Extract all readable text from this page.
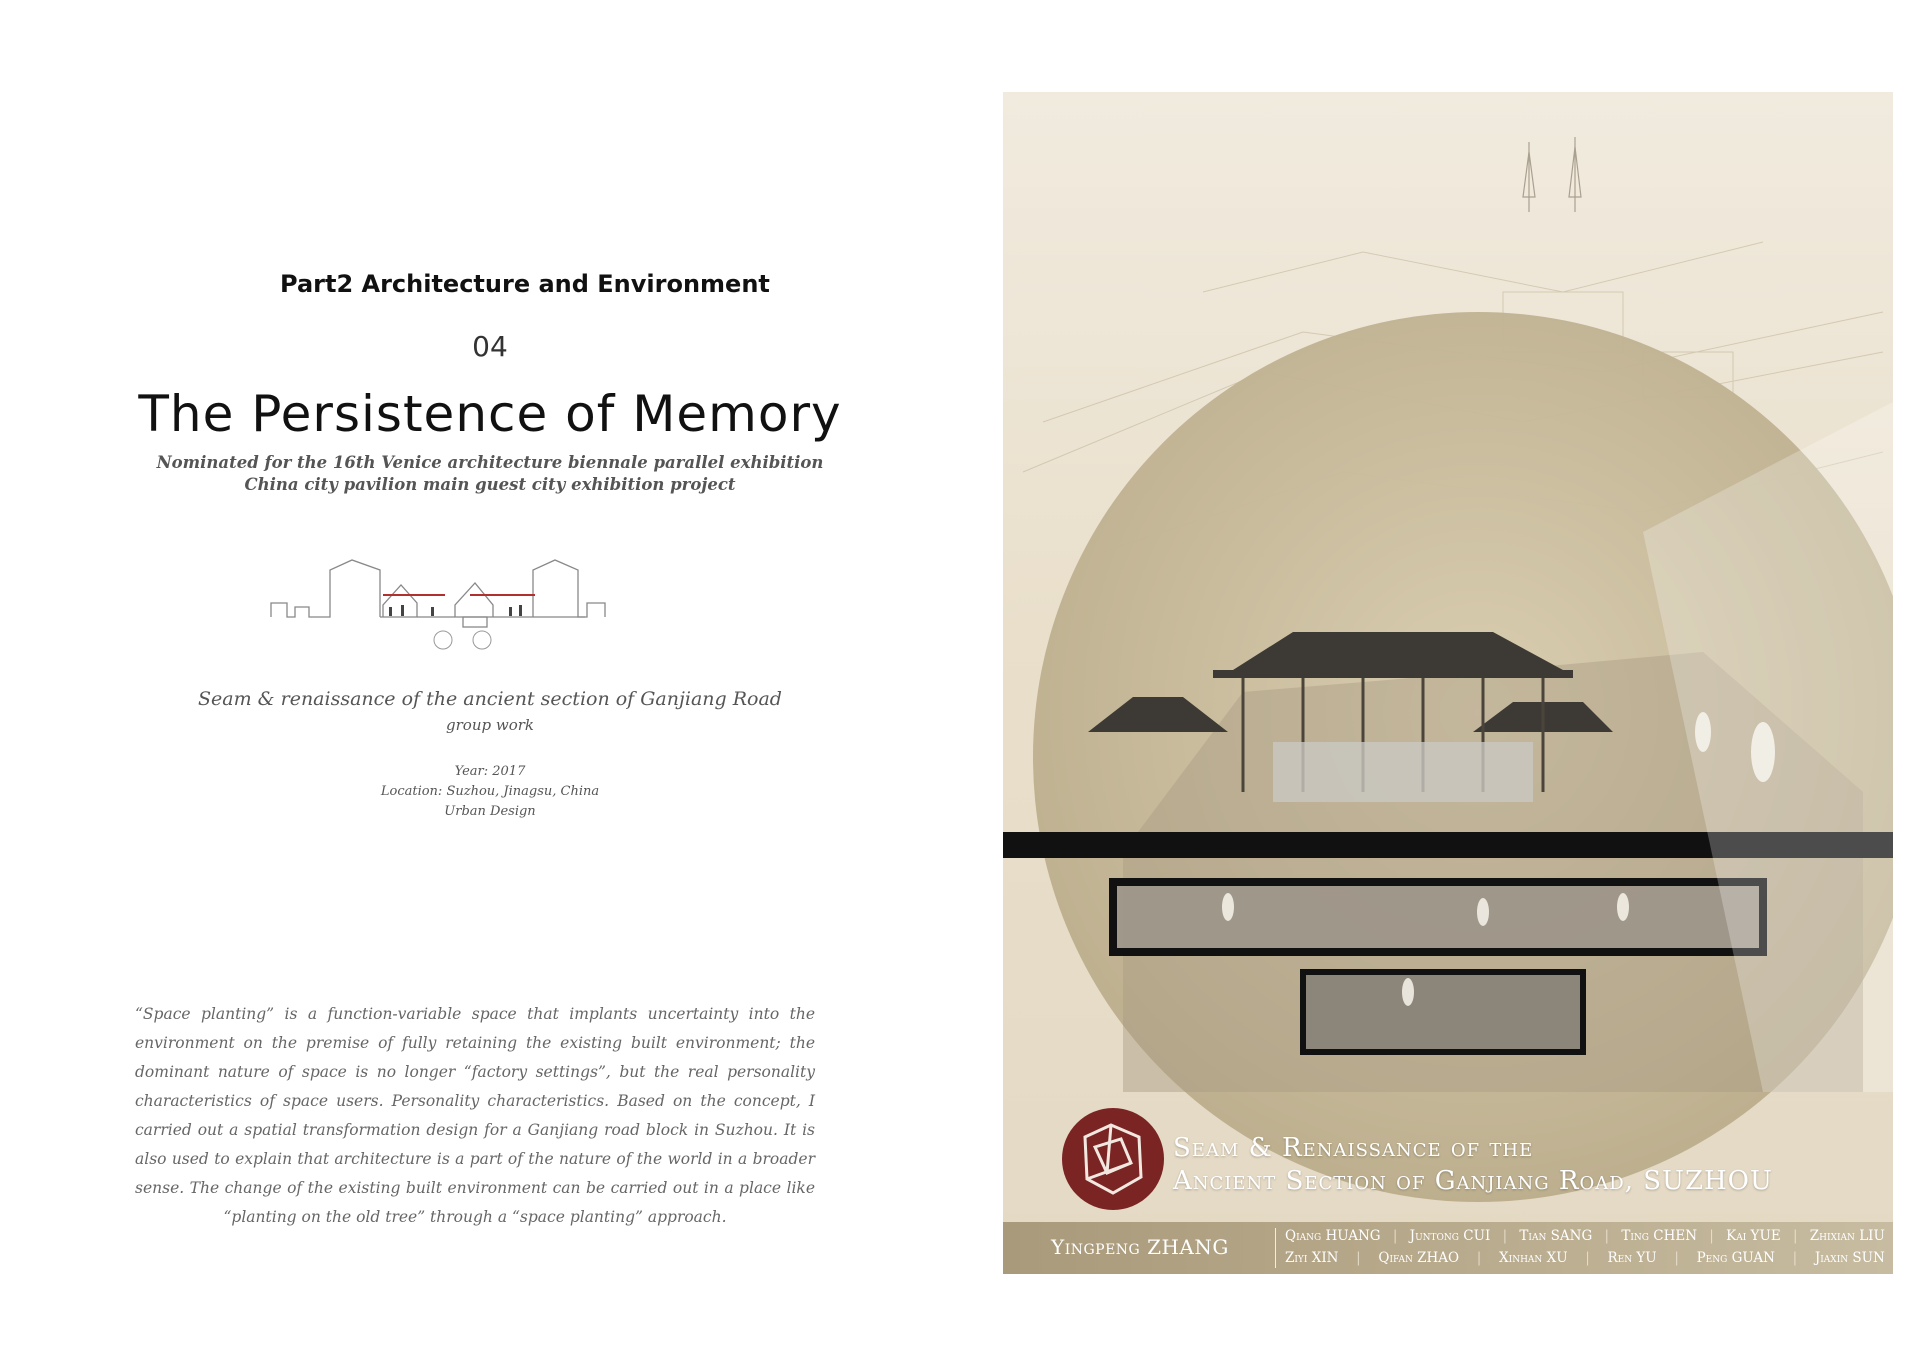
Part2 Architecture and Environment
04
The Persistence of Memory
Nominated for the 16th Venice architecture biennale parallel exhibition China city pavilion main guest city exhibition project
Seam & renaissance of the ancient section of Ganjiang Road
group work
Year: 2017
Location: Suzhou, Jinagsu, China
Urban Design
“Space planting” is a function-variable space that implants uncertainty into the environment on the premise of fully retaining the existing built environment; the dominant nature of space is no longer “factory settings”, but the real personality characteristics of space users. Personality characteristics. Based on the concept, I carried out a spatial transformation design for a Ganjiang road block in Suzhou. It is also used to explain that architecture is a part of the nature of the world in a broader sense. The change of the existing built environment can be carried out in a place like “planting on the old tree” through a “space planting” approach.
Seam & Renaissance of the
Ancient Section of Ganjiang Road, SUZHOU
Yingpeng ZHANG	Qiang HUANG | Juntong CUI | Tian SANG | Ting CHEN | Kai YUE | Zhixian LIU
Ziyi XIN | Qifan ZHAO | Xinhan XU | Ren YU | Peng GUAN | Jiaxin SUN
